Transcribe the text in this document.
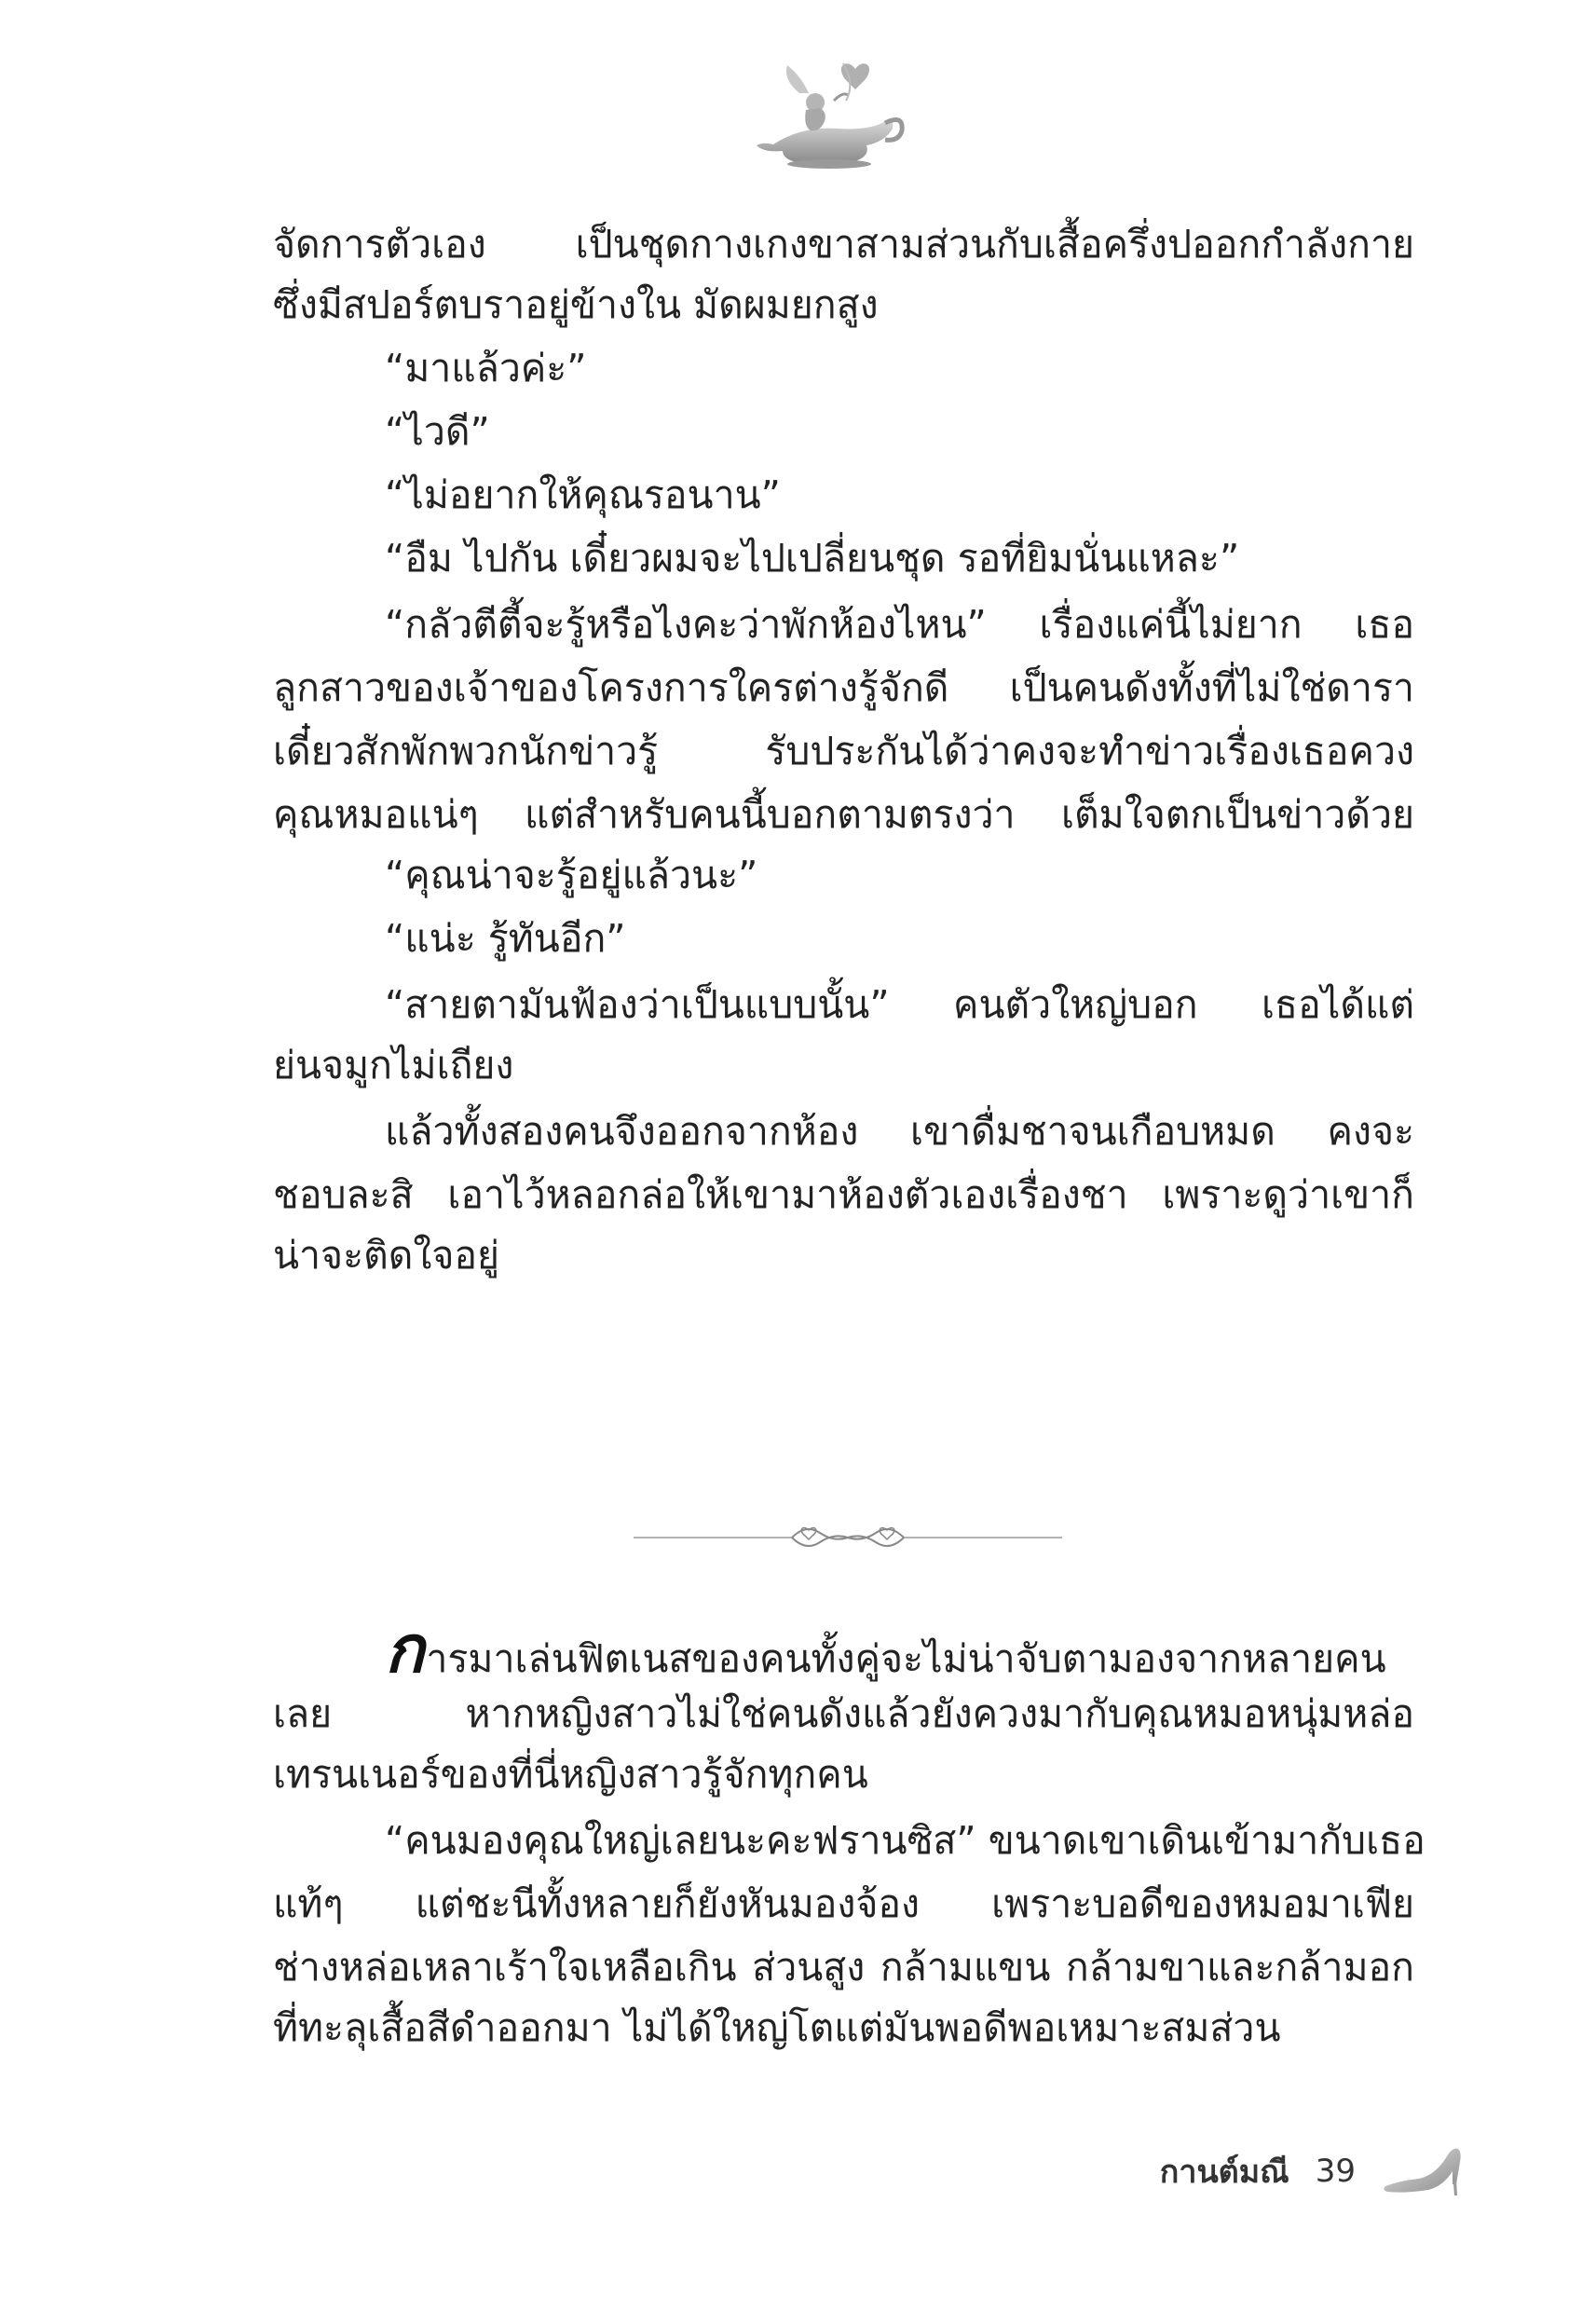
จัดการตัวเอง เป็นชุดกางเกงขาสามส่วนกับเสื้อครึ่งปออกกำลังกาย
ซึ่งมีสปอร์ตบราอยู่ข้างใน มัดผมยกสูง
“มาแล้วค่ะ”
“ไวดี”
“ไม่อยากให้คุณรอนาน”
“อืม ไปกัน เดี๋ยวผมจะไปเปลี่ยนชุด รอที่ยิมนั่นแหละ”
“กลัวตีตี้จะรู้หรือไงคะว่าพักห้องไหน” เรื่องแค่นี้ไม่ยาก เธอ
ลูกสาวของเจ้าของโครงการใครต่างรู้จักดี เป็นคนดังทั้งที่ไม่ใช่ดารา
เดี๋ยวสักพักพวกนักข่าวรู้ รับประกันได้ว่าคงจะทำข่าวเรื่องเธอควง
คุณหมอแน่ๆ แต่สำหรับคนนี้บอกตามตรงว่า เต็มใจตกเป็นข่าวด้วย
“คุณน่าจะรู้อยู่แล้วนะ”
“แน่ะ รู้ทันอีก”
“สายตามันฟ้องว่าเป็นแบบนั้น” คนตัวใหญ่บอก เธอได้แต่
ย่นจมูกไม่เถียง
แล้วทั้งสองคนจึงออกจากห้อง เขาดื่มชาจนเกือบหมด คงจะ
ชอบละสิ เอาไว้หลอกล่อให้เขามาห้องตัวเองเรื่องชา เพราะดูว่าเขาก็
น่าจะติดใจอยู่
ก ารมาเล่นฟิตเนสของคนทั้งคู่จะไม่น่าจับตามองจากหลายคน
เลย หากหญิงสาวไม่ใช่คนดังแล้วยังควงมากับคุณหมอหนุ่มหล่อ
เทรนเนอร์ของที่นี่หญิงสาวรู้จักทุกคน
“คนมองคุณใหญ่เลยนะคะฟรานซิส” ขนาดเขาเดินเข้ามากับเธอ
แท้ๆ แต่ชะนีทั้งหลายก็ยังหันมองจ้อง เพราะบอดีของหมอมาเฟีย
ช่างหล่อเหลาเร้าใจเหลือเกิน ส่วนสูง กล้ามแขน กล้ามขาและกล้ามอก
ที่ทะลุเสื้อสีดำออกมา ไม่ได้ใหญ่โตแต่มันพอดีพอเหมาะสมส่วน
กานต์มณี 39
